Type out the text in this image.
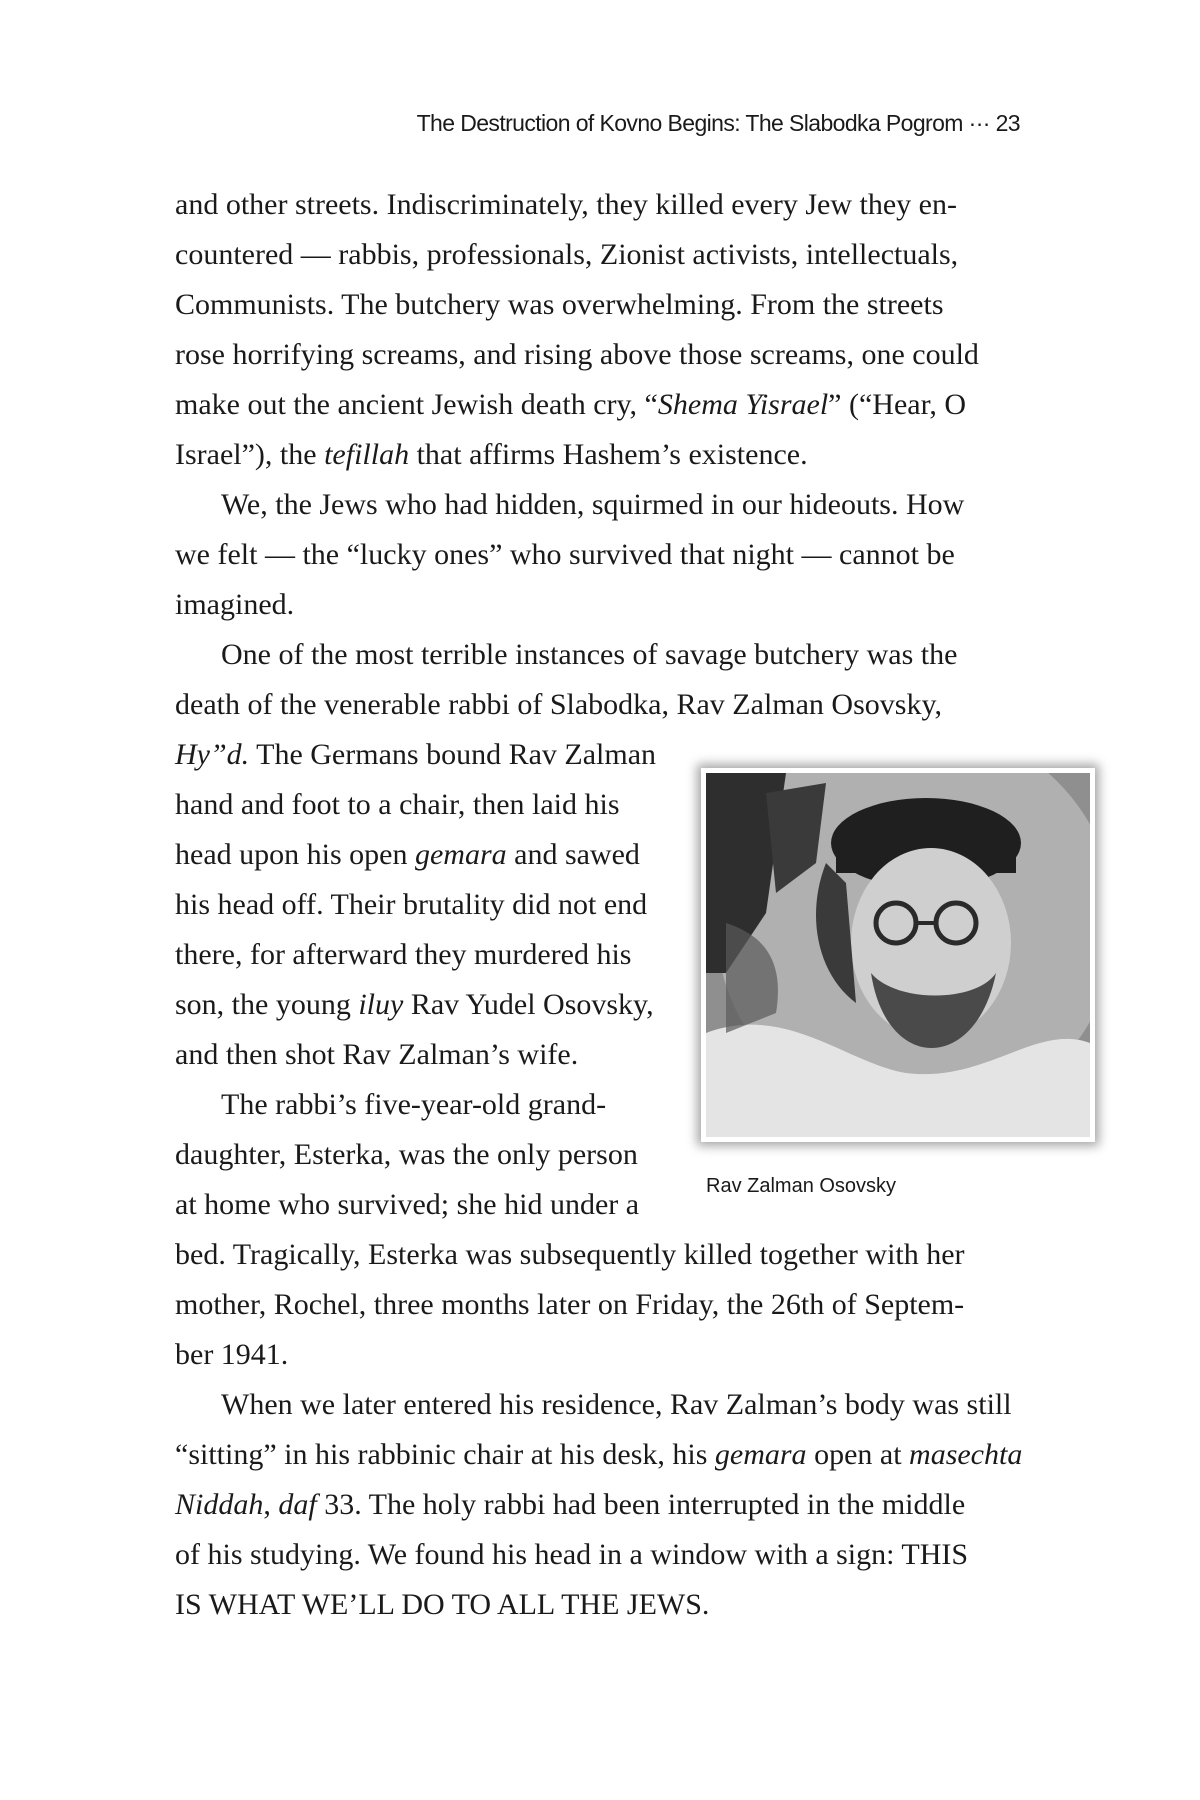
The Destruction of Kovno Begins: The Slabodka Pogrom ··· 23

and other streets. Indiscriminately, they killed every Jew they en-

countered — rabbis, professionals, Zionist activists, intellectuals,

Communists. The butchery was overwhelming. From the streets

rose horrifying screams, and rising above those screams, one could

make out the ancient Jewish death cry, “Shema Yisrael” (“Hear, O

Israel”), the tefillah that affirms Hashem’s existence.

We, the Jews who had hidden, squirmed in our hideouts. How

we felt — the “lucky ones” who survived that night — cannot be

imagined.

One of the most terrible instances of savage butchery was the

death of the venerable rabbi of Slabodka, Rav Zalman Osovsky,

Hy”d. The Germans bound Rav Zalman

hand and foot to a chair, then laid his

head upon his open gemara and sawed

his head off. Their brutality did not end

there, for afterward they murdered his

son, the young iluy Rav Yudel Osovsky,

and then shot Rav Zalman’s wife.

The rabbi’s five-year-old grand-

daughter, Esterka, was the only person

at home who survived; she hid under a

bed. Tragically, Esterka was subsequently killed together with her

mother, Rochel, three months later on Friday, the 26th of Septem-

ber 1941.

When we later entered his residence, Rav Zalman’s body was still

“sitting” in his rabbinic chair at his desk, his gemara open at masechta

Niddah, daf 33. The holy rabbi had been interrupted in the middle

of his studying. We found his head in a window with a sign: THIS

IS WHAT WE’LL DO TO ALL THE JEWS.

Rav Zalman Osovsky
